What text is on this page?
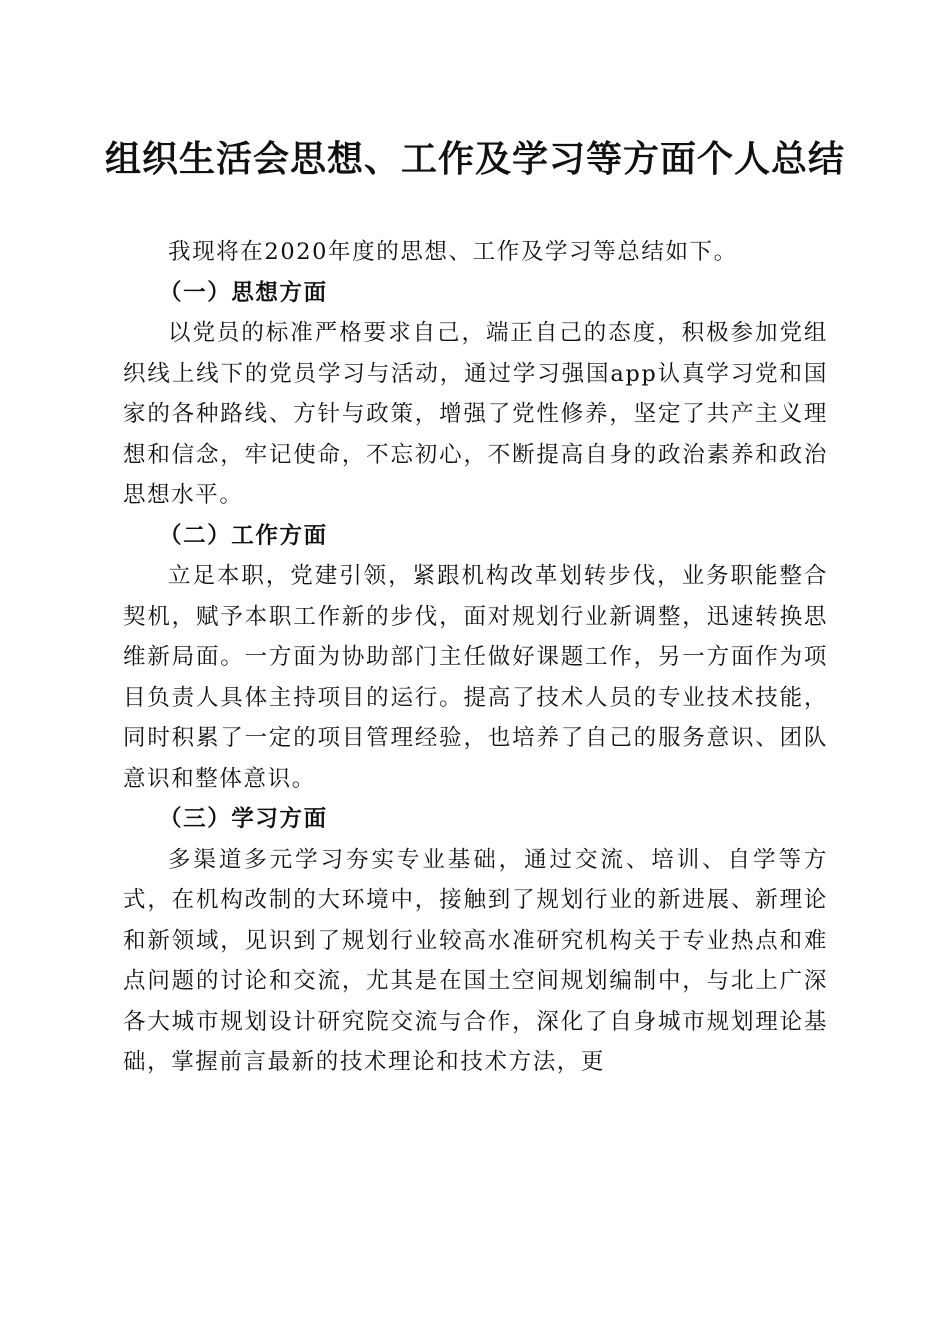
组织生活会思想、工作及学习等方面个人总结

我现将在2020年度的思想、工作及学习等总结如下。

（一）思想方面

以党员的标准严格要求自己，端正自己的态度，积极参加党组织线上线下的党员学习与活动，通过学习强国app认真学习党和国家的各种路线、方针与政策，增强了党性修养，坚定了共产主义理想和信念，牢记使命，不忘初心，不断提高自身的政治素养和政治思想水平。

（二）工作方面

立足本职，党建引领，紧跟机构改革划转步伐，业务职能整合契机，赋予本职工作新的步伐，面对规划行业新调整，迅速转换思维新局面。一方面为协助部门主任做好课题工作，另一方面作为项目负责人具体主持项目的运行。提高了技术人员的专业技术技能，同时积累了一定的项目管理经验，也培养了自己的服务意识、团队意识和整体意识。

（三）学习方面

多渠道多元学习夯实专业基础，通过交流、培训、自学等方式，在机构改制的大环境中，接触到了规划行业的新进展、新理论和新领域，见识到了规划行业较高水准研究机构关于专业热点和难点问题的讨论和交流，尤其是在国土空间规划编制中，与北上广深各大城市规划设计研究院交流与合作，深化了自身城市规划理论基础，掌握前言最新的技术理论和技术方法，更
